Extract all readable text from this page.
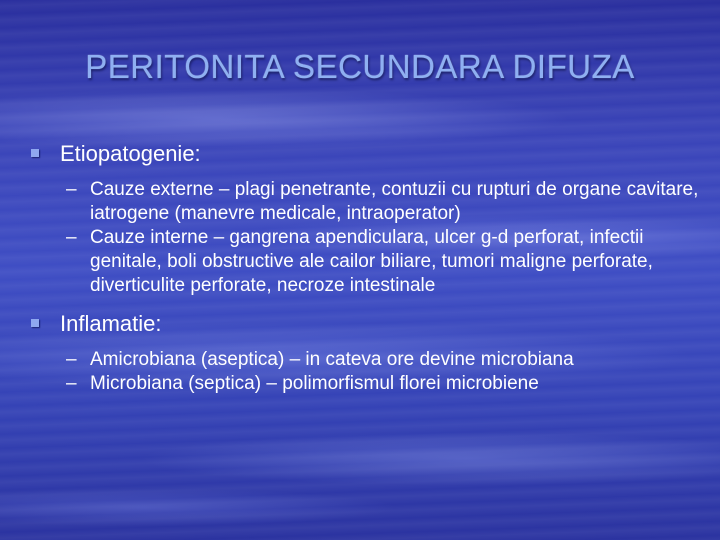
PERITONITA SECUNDARA DIFUZA
Etiopatogenie:
– Cauze externe – plagi penetrante, contuzii cu rupturi de organe cavitare, iatrogene (manevre medicale, intraoperator)
– Cauze interne – gangrena apendiculara, ulcer g-d perforat, infectii genitale, boli obstructive ale cailor biliare, tumori maligne perforate, diverticulite perforate, necroze intestinale
Inflamatie:
– Amicrobiana (aseptica) – in cateva ore devine microbiana
– Microbiana (septica) – polimorfismul florei microbiene
